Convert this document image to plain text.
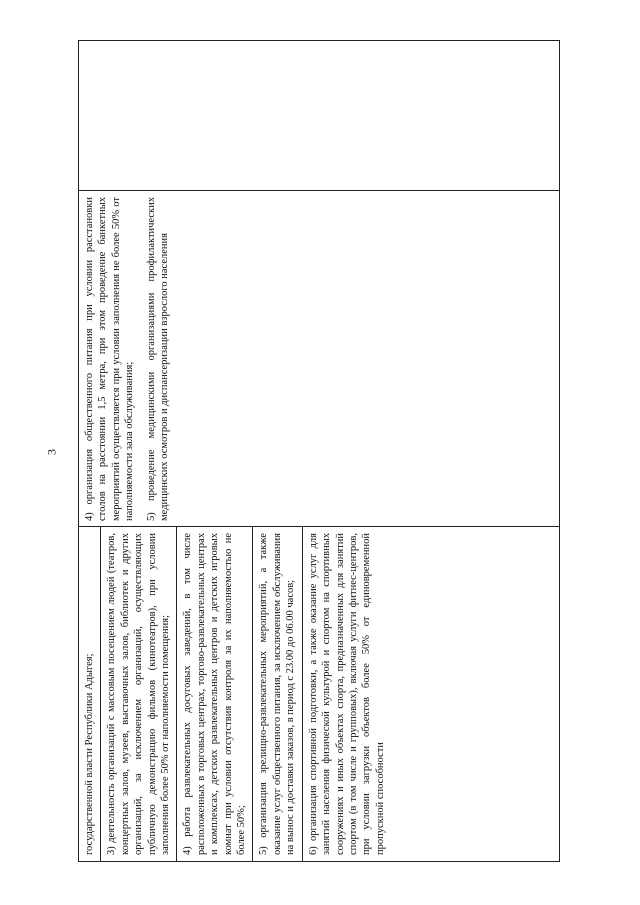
3

государственной власти Республики Адыгея; 3) деятельность организаций с массовым посещением людей (театров, концертных залов, музеев, выставочных залов, библиотек и других организаций, за исключением организаций, осуществляющих публичную демонстрацию фильмов (кинотеатров), при условии заполнения более 50% от наполняемости помещения; 4) работа развлекательных досуговых заведений, в том числе расположенных в торговых центрах, торгово-развлекательных центрах и комплексах, детских развлекательных центров и детских игровых комнат при условии отсутствия контроля за их наполняемостью не более 50%; 5) организация зрелищно-развлекательных мероприятий, а также оказание услуг общественного питания, за исключением обслуживания на вынос и доставки заказов, в период с 23.00 до 06.00 часов; 6) организация спортивной подготовки, а также оказание услуг для занятий населения физической культурой и спортом на спортивных сооружениях и иных объектах спорта, предназначенных для занятий спортом (в том числе и групповых), включая услуги фитнес-центров, при условии загрузки объектов более 50% от единовременной пропускной способности

4) организация общественного питания при условии расстановки столов на расстоянии 1,5 метра, при этом проведение банкетных мероприятий осуществляется при условии заполнения не более 50% от наполняемости зала обслуживания; 5) проведение медицинскими организациями профилактических медицинских осмотров и диспансеризации взрослого населения
